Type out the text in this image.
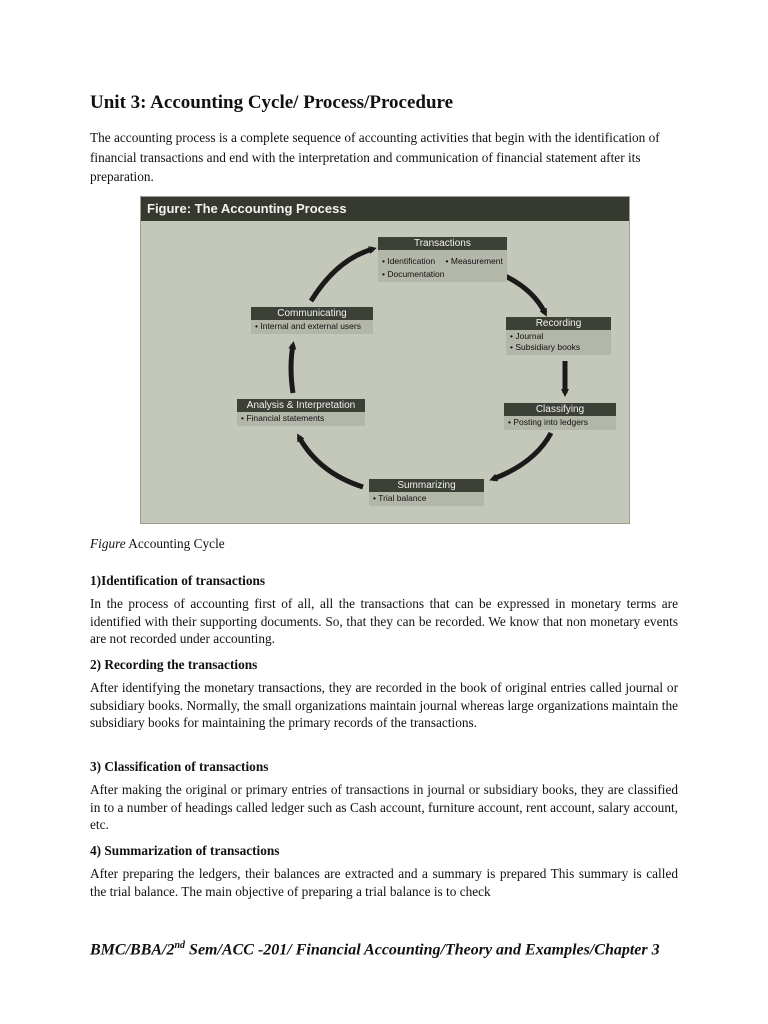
Unit 3: Accounting Cycle/ Process/Procedure

The accounting process is a complete sequence of accounting activities that begin with the identification of financial transactions and end with the interpretation and communication of financial statement after its preparation.

Figure: The Accounting Process
Transactions
• Identification • Measurement
• Documentation
Recording
• Journal
• Subsidiary books
Classifying
• Posting into ledgers
Summarizing
• Trial balance
Analysis & Interpretation
• Financial statements
Communicating
• Internal and external users

Figure Accounting Cycle

1)Identification of transactions

In the process of accounting first of all, all the transactions that can be expressed in monetary terms are identified with their supporting documents. So, that they can be recorded. We know that non monetary events are not recorded under accounting.

2) Recording the transactions

After identifying the monetary transactions, they are recorded in the book of original entries called journal or subsidiary books. Normally, the small organizations maintain journal whereas large organizations maintain the subsidiary books for maintaining the primary records of the transactions.

3) Classification of transactions

After making the original or primary entries of transactions in journal or subsidiary books, they are classified in to a number of headings called ledger such as Cash account, furniture account, rent account, salary account, etc.

4) Summarization of transactions

After preparing the ledgers, their balances are extracted and a summary is prepared This summary is called the trial balance. The main objective of preparing a trial balance is to check

BMC/BBA/2nd Sem/ACC -201/ Financial Accounting/Theory and Examples/Chapter 3
